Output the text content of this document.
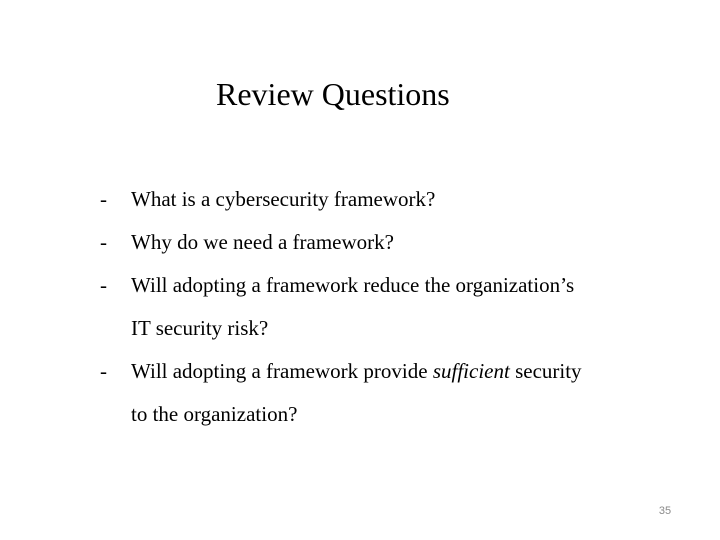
Review Questions
- What is a cybersecurity framework?
- Why do we need a framework?
- Will adopting a framework reduce the organization’s
IT security risk?
- Will adopting a framework provide sufficient security
to the organization?
35
